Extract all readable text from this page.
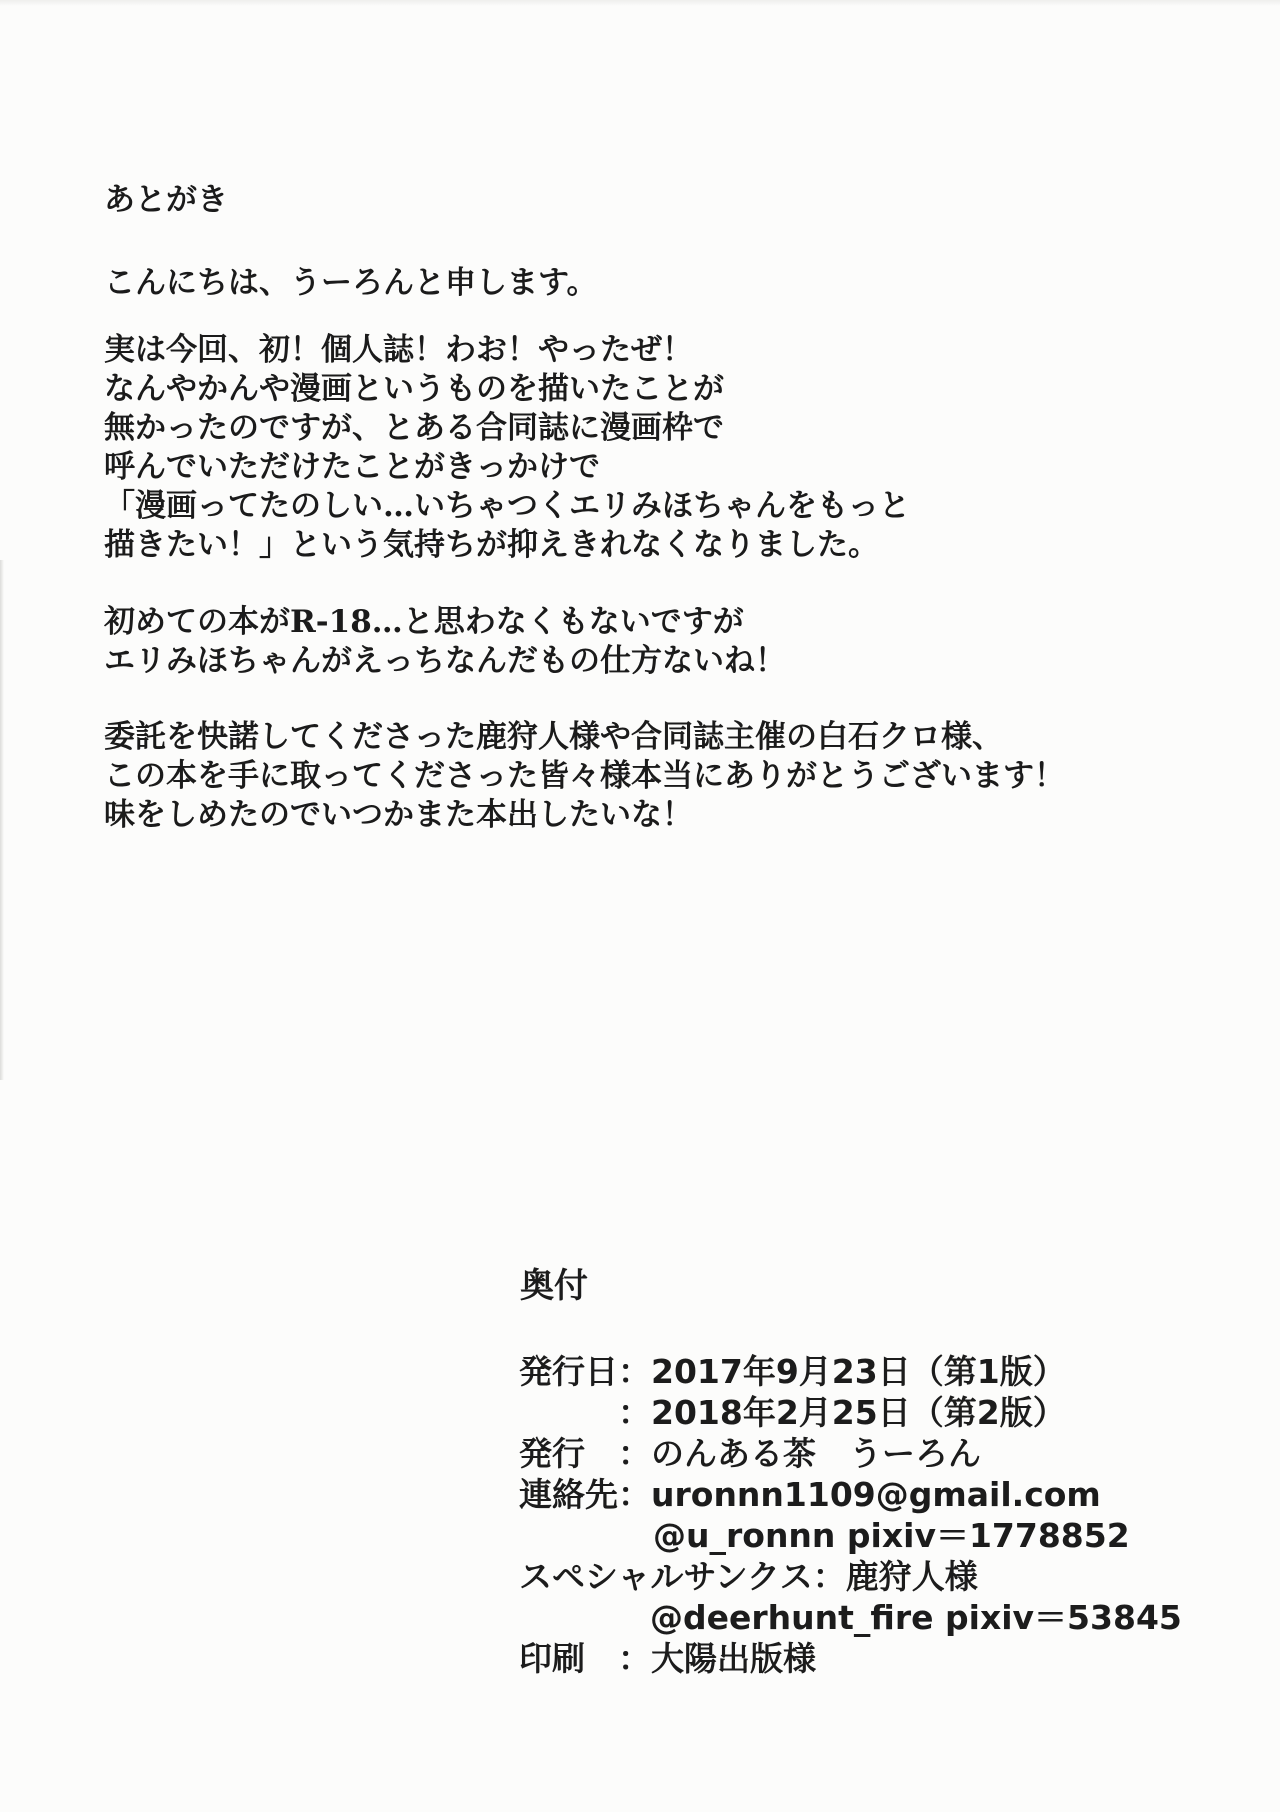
あとがき
こんにちは、うーろんと申します。
実は今回、初！個人誌！わお！やったぜ！
なんやかんや漫画というものを描いたことが
無かったのですが、とある合同誌に漫画枠で
呼んでいただけたことがきっかけで
「漫画ってたのしい…いちゃつくエリみほちゃんをもっと
描きたい！」という気持ちが抑えきれなくなりました。
初めての本がR-18…と思わなくもないですが
エリみほちゃんがえっちなんだもの仕方ないね！
委託を快諾してくださった鹿狩人様や合同誌主催の白石クロ様、
この本を手に取ってくださった皆々様本当にありがとうございます！
味をしめたのでいつかまた本出したいな！
奥付
発行日：2017年9月23日（第1版）
：2018年2月25日（第2版）
発行　：のんある茶　うーろん
連絡先：uronnn1109@gmail.com
@u_ronnn pixiv＝1778852
スペシャルサンクス：鹿狩人様
@deerhunt_fire pixiv＝53845
印刷　：大陽出版様
